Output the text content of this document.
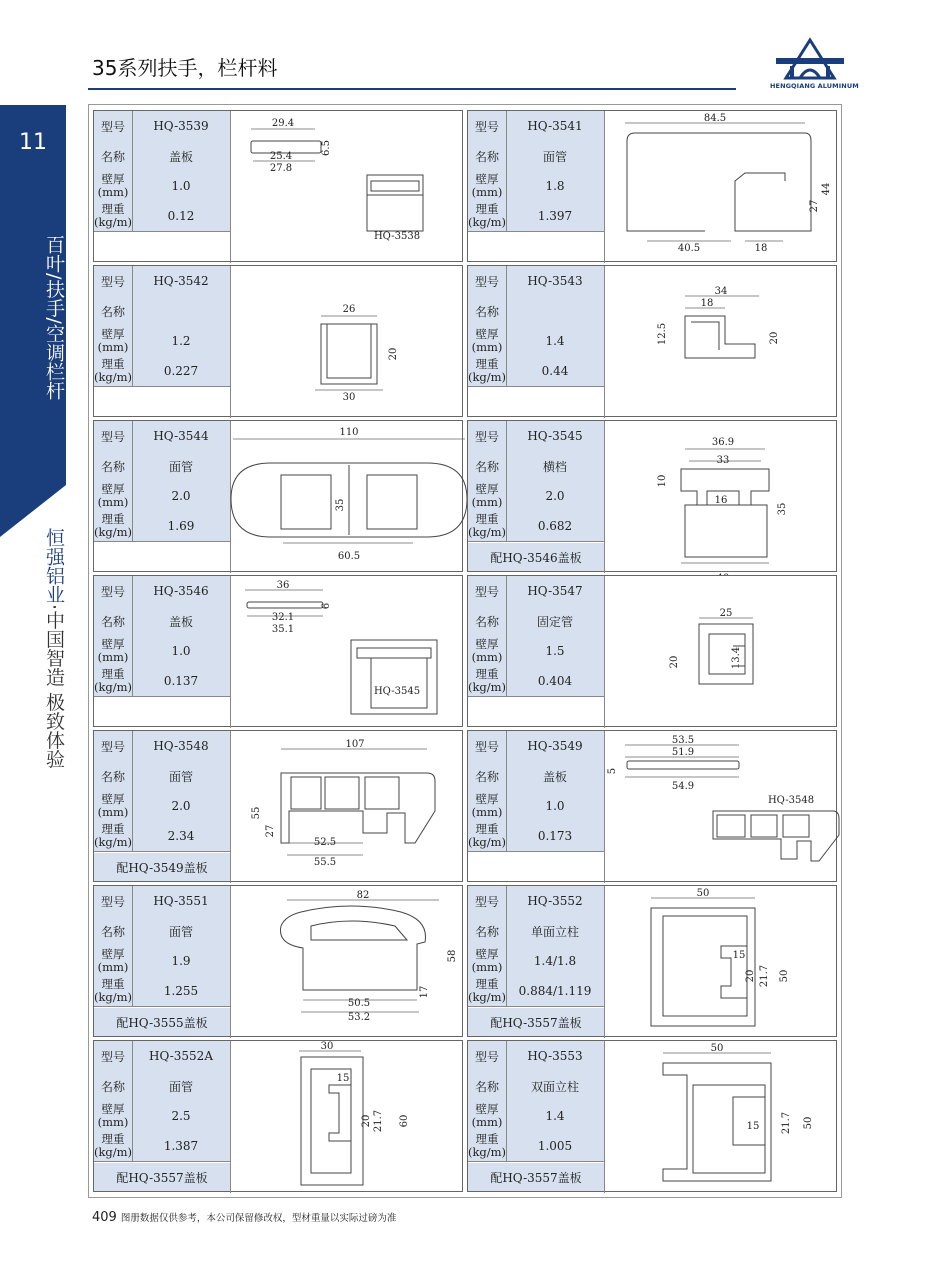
35系列扶手，栏杆料
HENGQIANG ALUMINUM
11
百叶/扶手/空调栏杆
恒强铝业·中国智造 极致体验
型号	HQ-3539
名称	盖板
壁厚
(mm)	1.0
理重
(kg/m)	0.12
29.4
25.4
27.8
6.5
HQ-3538
型号	HQ-3541
名称	面管
壁厚
(mm)	1.8
理重
(kg/m)	1.397
84.5
40.5	18
27
44
型号	HQ-3542
名称
壁厚
(mm)	1.2
理重
(kg/m)	0.227
26
20
30
型号	HQ-3543
名称
壁厚
(mm)	1.4
理重
(kg/m)	0.44
34
18
12.5	20
型号	HQ-3544
名称	面管
壁厚
(mm)	2.0
理重
(kg/m)	1.69
110
35
60.5
型号	HQ-3545
名称	横档
壁厚
(mm)	2.0
理重
(kg/m)	0.682
配HQ-3546盖板
36.9
33
10
16
35
型号	HQ-3546
名称	盖板
壁厚
(mm)	1.0
理重
(kg/m)	0.137
36
32.1
35.1
6
HQ-3545
型号	HQ-3547
名称	固定管
壁厚
(mm)	1.5
理重
(kg/m)	0.404
25
20	13.4
型号	HQ-3548
名称	面管
壁厚
(mm)	2.0
理重
(kg/m)	2.34
配HQ-3549盖板
107
55
27
52.5
55.5
型号	HQ-3549
名称	盖板
壁厚
(mm)	1.0
理重
(kg/m)	0.173
53.5
51.9
5
54.9
HQ-3548
型号	HQ-3551
名称	面管
壁厚
(mm)	1.9
理重
(kg/m)	1.255
配HQ-3555盖板
82
58
17
50.5
53.2
型号	HQ-3552
名称	单面立柱
壁厚
(mm)	1.4/1.8
理重
(kg/m)	0.884/1.119
配HQ-3557盖板
50
15
20 21.7 50
型号	HQ-3552A
名称	面管
壁厚
(mm)	2.5
理重
(kg/m)	1.387
配HQ-3557盖板
30
15
20 21.7 60
型号	HQ-3553
名称	双面立柱
壁厚
(mm)	1.4
理重
(kg/m)	1.005
配HQ-3557盖板
50
15 21.7 50
409 图册数据仅供参考，本公司保留修改权，型材重量以实际过磅为准
